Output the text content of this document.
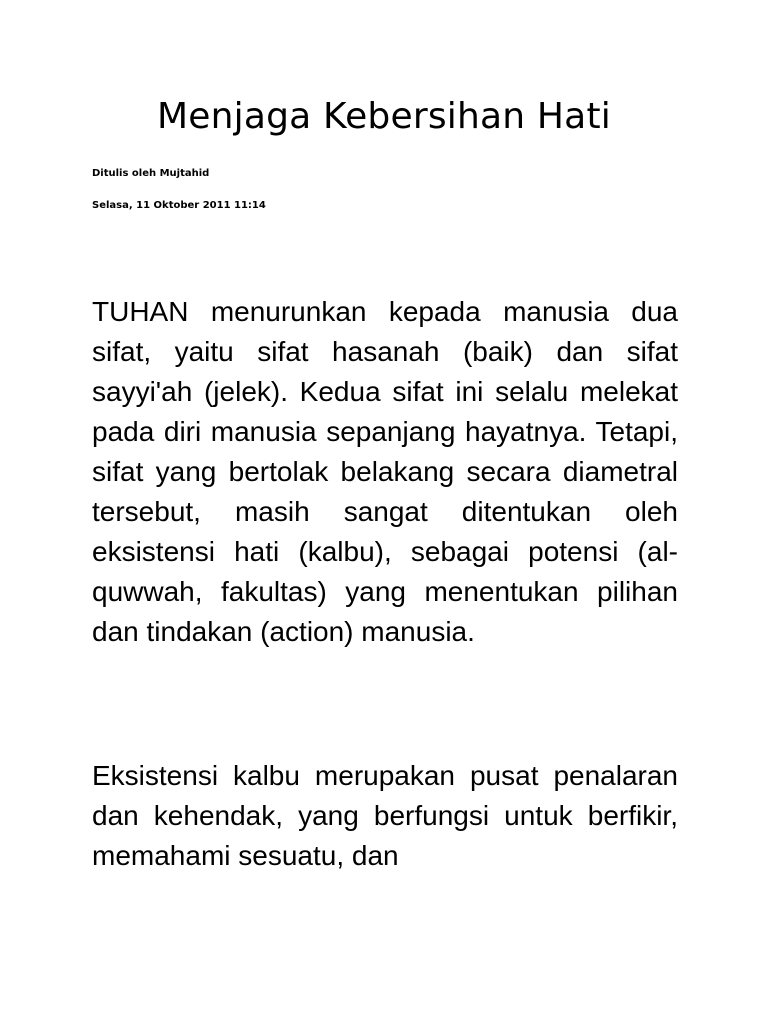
Menjaga Kebersihan Hati

Ditulis oleh Mujtahid

Selasa, 11 Oktober 2011 11:14

TUHAN menurunkan kepada manusia dua sifat, yaitu sifat hasanah (baik) dan sifat sayyi'ah (jelek). Kedua sifat ini selalu melekat pada diri manusia sepanjang hayatnya. Tetapi, sifat yang bertolak belakang secara diametral tersebut, masih sangat ditentukan oleh eksistensi hati (kalbu), sebagai potensi (al-quwwah, fakultas) yang menentukan pilihan dan tindakan (action) manusia.

Eksistensi kalbu merupakan pusat penalaran dan kehendak, yang berfungsi untuk berfikir, memahami sesuatu, dan
